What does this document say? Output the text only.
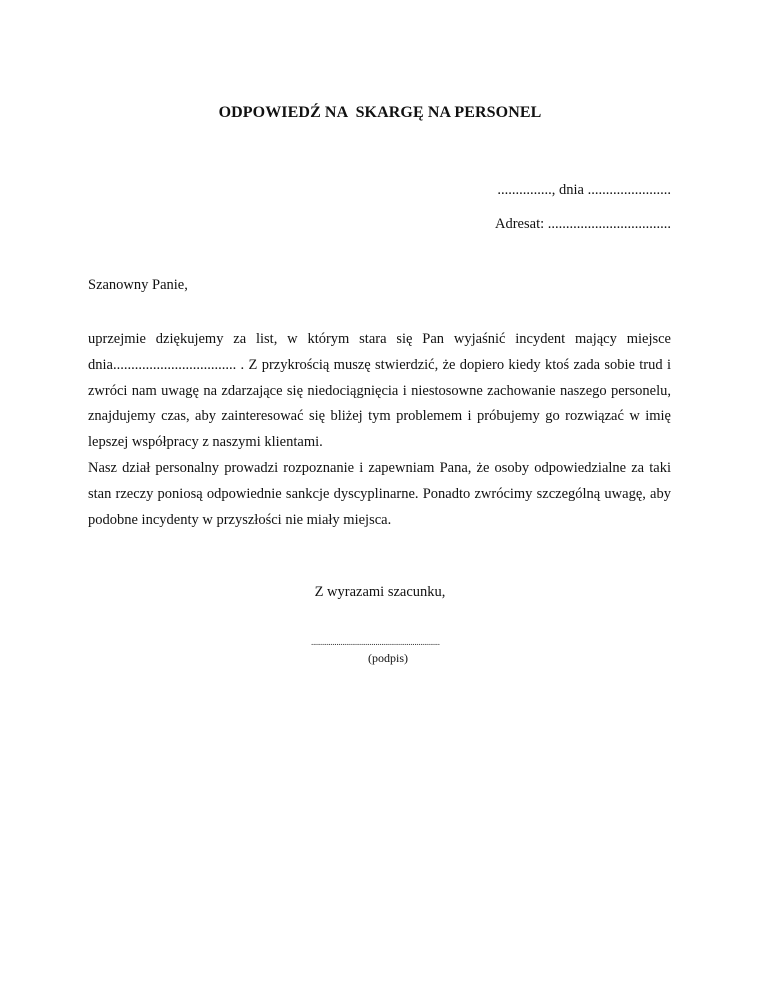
ODPOWIEDŹ NA  SKARGĘ NA PERSONEL
..............., dnia .......................
Adresat: ..................................
Szanowny Panie,

uprzejmie dziękujemy za list, w którym stara się Pan wyjaśnić incydent mający miejsce dnia.................................. . Z przykrością muszę stwierdzić, że dopiero kiedy ktoś zada sobie trud i zwróci nam uwagę na zdarzające się niedociągnięcia i niestosowne zachowanie naszego personelu, znajdujemy czas, aby zainteresować się bliżej tym problemem i próbujemy go rozwiązać w imię lepszej współpracy z naszymi klientami.

Nasz dział personalny prowadzi rozpoznanie i zapewniam Pana, że osoby odpowiedzialne za taki stan rzeczy poniosą odpowiednie sankcje dyscyplinarne. Ponadto zwrócimy szczególną uwagę, aby podobne incydenty w przyszłości nie miały miejsca.

Z wyrazami szacunku,
..................................................................
(podpis)
